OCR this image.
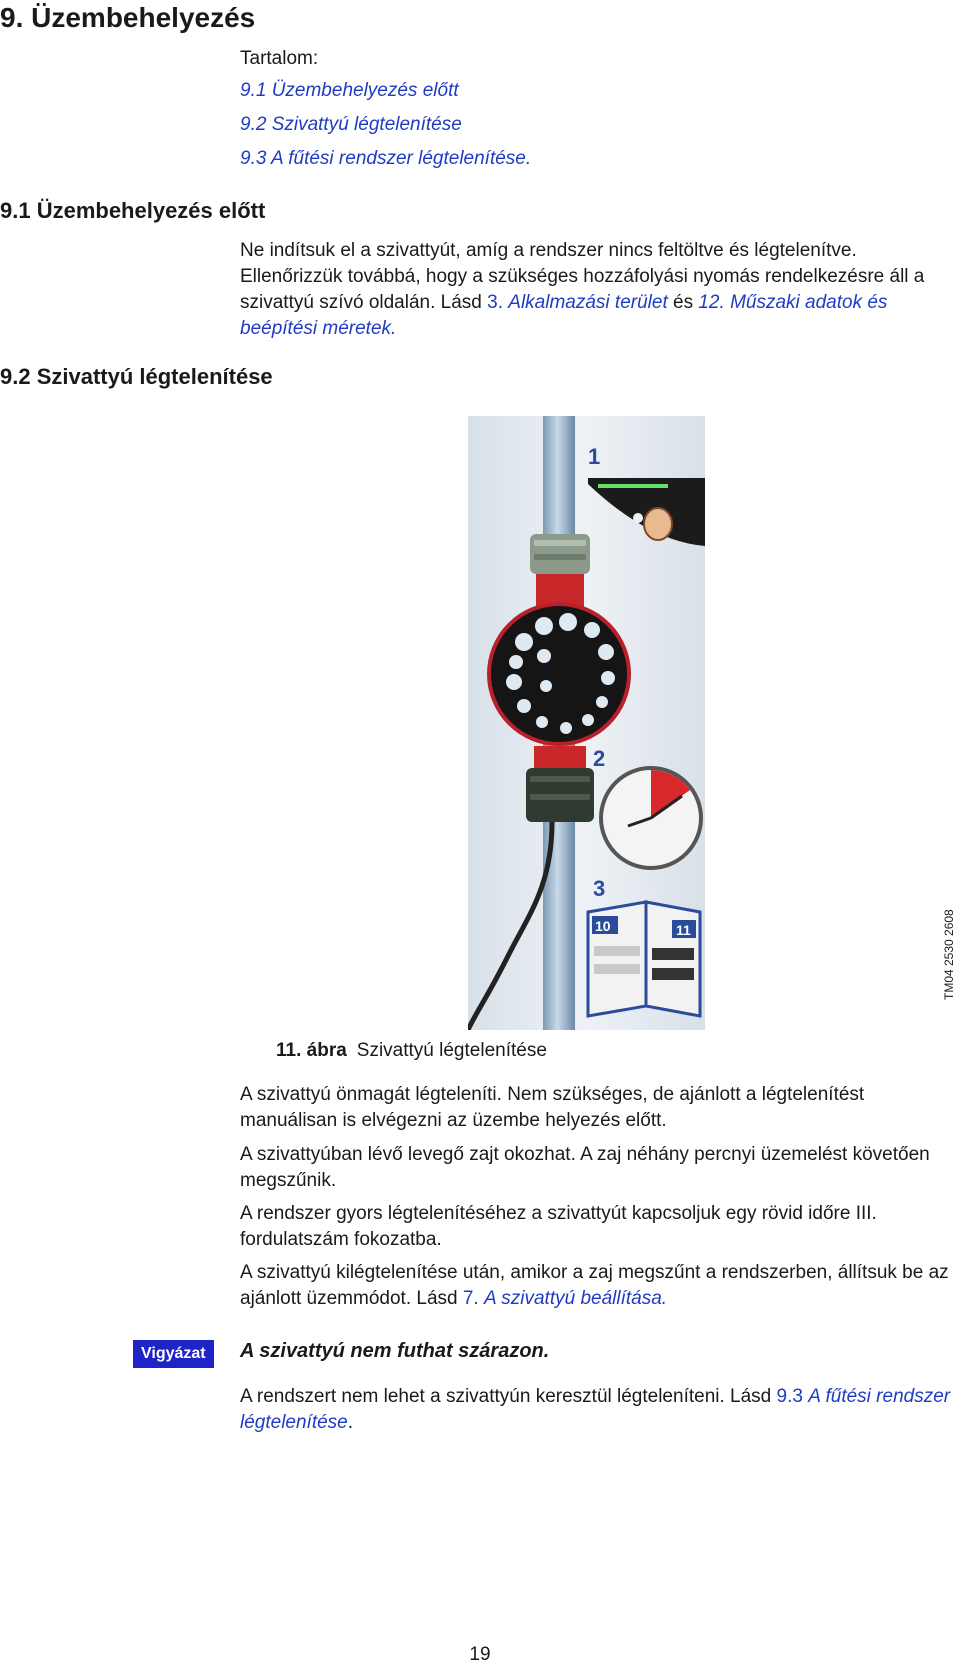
9. Üzembehelyezés
Tartalom:
9.1 Üzembehelyezés előtt
9.2 Szivattyú légtelenítése
9.3 A fűtési rendszer légtelenítése.
9.1 Üzembehelyezés előtt

Ne indítsuk el a szivattyút, amíg a rendszer nincs feltöltve és légtelenítve. Ellenőrizzük továbbá, hogy a szükséges hozzáfolyási nyomás rendelkezésre áll a szivattyú szívó oldalán. Lásd 3. Alkalmazási terület és 12. Műszaki adatok és beépítési méretek.

9.2 Szivattyú légtelenítése
1
2
3
10	11
11. ábra Szivattyú légtelenítése
TM04 2530 2608

A szivattyú önmagát légteleníti. Nem szükséges, de ajánlott a légtelenítést manuálisan is elvégezni az üzembe helyezés előtt.

A szivattyúban lévő levegő zajt okozhat. A zaj néhány percnyi üzemelést követően megszűnik.

A rendszer gyors légtelenítéséhez a szivattyút kapcsoljuk egy rövid időre III. fordulatszám fokozatba.

A szivattyú kilégtelenítése után, amikor a zaj megszűnt a rendszerben, állítsuk be az ajánlott üzemmódot. Lásd 7. A szivattyú beállítása.

Vigyázat	A szivattyú nem futhat szárazon.

A rendszert nem lehet a szivattyún keresztül légteleníteni. Lásd 9.3 A fűtési rendszer légtelenítése.

19
